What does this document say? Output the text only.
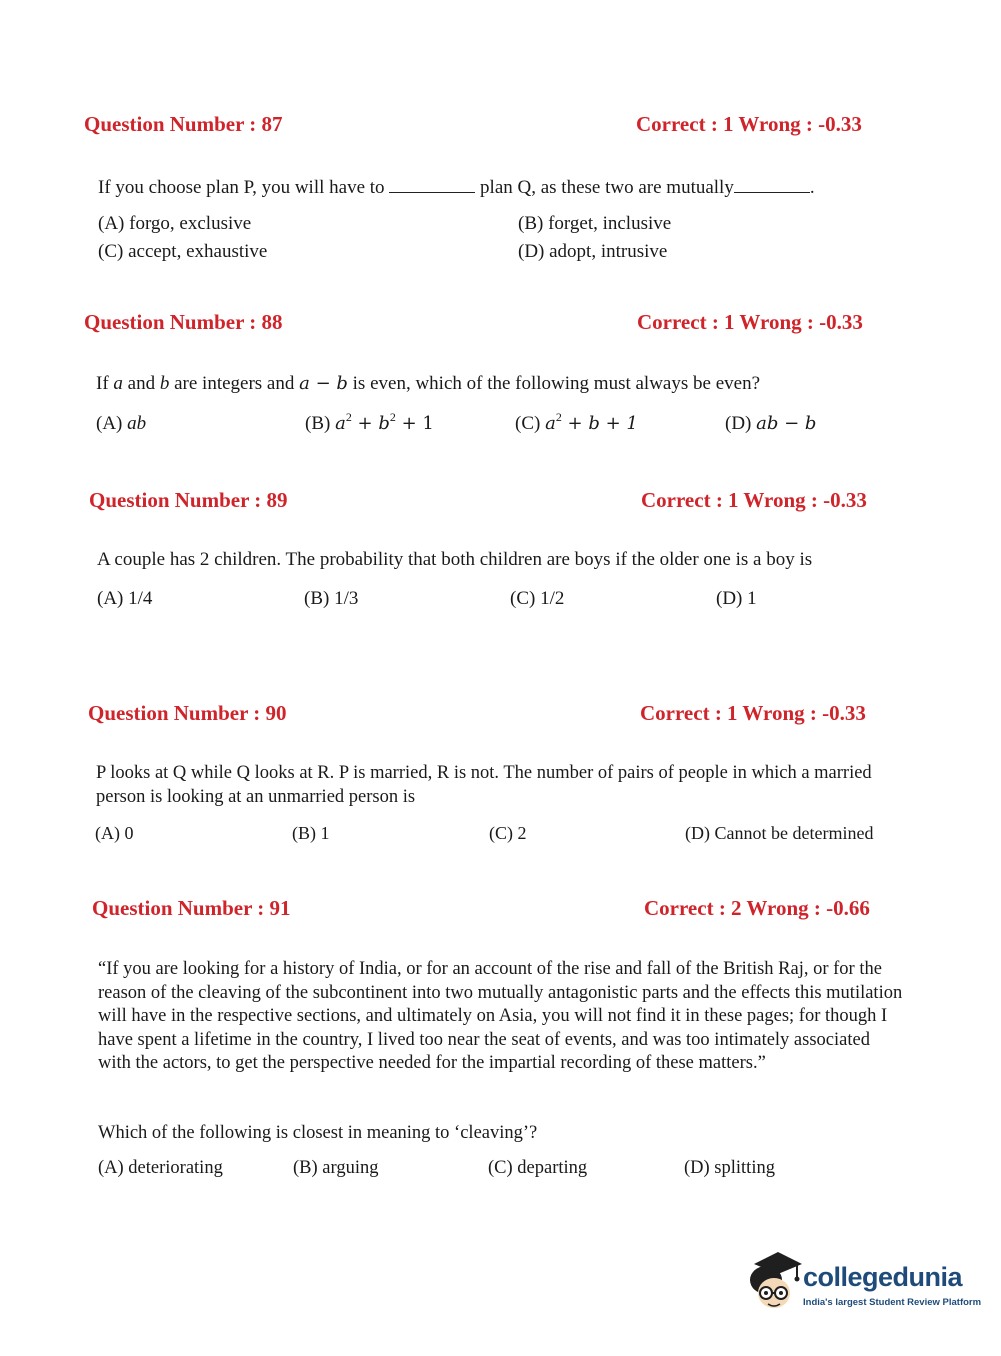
Question Number : 87	Correct : 1 Wrong : -0.33
If you choose plan P, you will have to	plan Q, as these two are mutually	.
(A) forgo, exclusive	(B) forget, inclusive
(C) accept, exhaustive	(D) adopt, intrusive
Question Number : 88	Correct : 1 Wrong : -0.33
If a and b are integers and a − b is even, which of the following must always be even?
(A) ab	(B) $a^2 + b^2 + 1$	(C) $a^2 + b + 1$	(D) ab − b
Question Number : 89	Correct : 1 Wrong : -0.33
A couple has 2 children. The probability that both children are boys if the older one is a boy is
(A) 1/4	(B) 1/3	(C) 1/2	(D) 1
Question Number : 90	Correct : 1 Wrong : -0.33
P looks at Q while Q looks at R. P is married, R is not. The number of pairs of people in which a married person is looking at an unmarried person is
(A) 0	(B) 1	(C) 2	(D) Cannot be determined
Question Number : 91	Correct : 2 Wrong : -0.66
“If you are looking for a history of India, or for an account of the rise and fall of the British Raj, or for the reason of the cleaving of the subcontinent into two mutually antagonistic parts and the effects this mutilation will have in the respective sections, and ultimately on Asia, you will not find it in these pages; for though I have spent a lifetime in the country, I lived too near the seat of events, and was too intimately associated with the actors, to get the perspective needed for the impartial recording of these matters.”
Which of the following is closest in meaning to ‘cleaving’?
(A) deteriorating	(B) arguing	(C) departing	(D) splitting
collegedunia
India's largest Student Review Platform
